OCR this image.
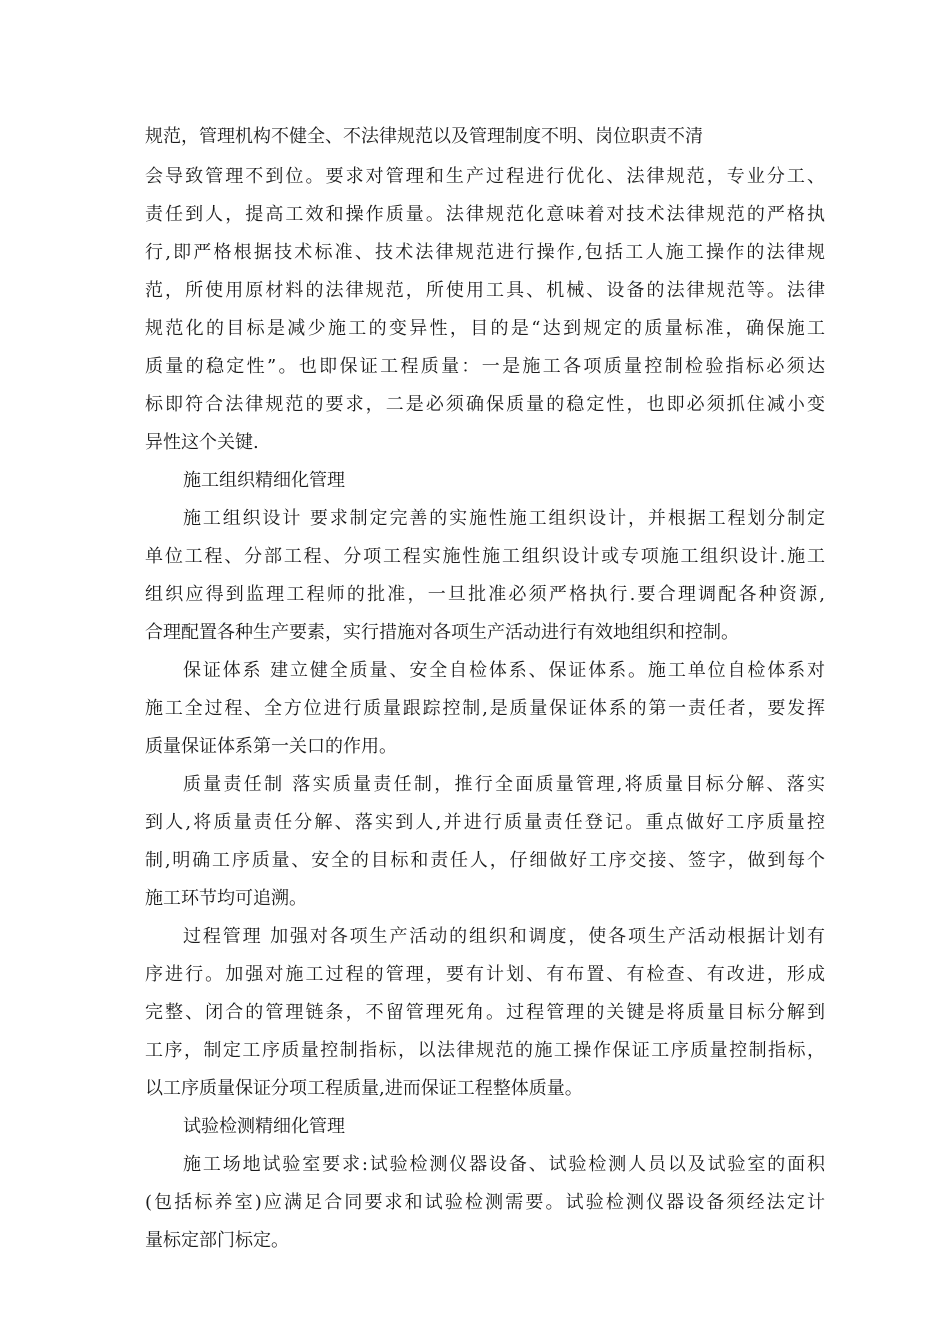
规范，管理机构不健全、不法律规范以及管理制度不明、岗位职责不清
会导致管理不到位。要求对管理和生产过程进行优化、法律规范，专业分工、
责任到人，提高工效和操作质量。法律规范化意味着对技术法律规范的严格执
行,即严格根据技术标准、技术法律规范进行操作,包括工人施工操作的法律规
范，所使用原材料的法律规范，所使用工具、机械、设备的法律规范等。法律
规范化的目标是减少施工的变异性，目的是“达到规定的质量标准，确保施工
质量的稳定性”。也即保证工程质量：一是施工各项质量控制检验指标必须达
标即符合法律规范的要求，二是必须确保质量的稳定性，也即必须抓住减小变
异性这个关键.
施工组织精细化管理
施工组织设计 要求制定完善的实施性施工组织设计，并根据工程划分制定
单位工程、分部工程、分项工程实施性施工组织设计或专项施工组织设计.施工
组织应得到监理工程师的批准，一旦批准必须严格执行.要合理调配各种资源,
合理配置各种生产要素，实行措施对各项生产活动进行有效地组织和控制。
保证体系 建立健全质量、安全自检体系、保证体系。施工单位自检体系对
施工全过程、全方位进行质量跟踪控制,是质量保证体系的第一责任者，要发挥
质量保证体系第一关口的作用。
质量责任制 落实质量责任制，推行全面质量管理,将质量目标分解、落实
到人,将质量责任分解、落实到人,并进行质量责任登记。重点做好工序质量控
制,明确工序质量、安全的目标和责任人，仔细做好工序交接、签字，做到每个
施工环节均可追溯。
过程管理 加强对各项生产活动的组织和调度，使各项生产活动根据计划有
序进行。加强对施工过程的管理，要有计划、有布置、有检查、有改进，形成
完整、闭合的管理链条，不留管理死角。过程管理的关键是将质量目标分解到
工序，制定工序质量控制指标，以法律规范的施工操作保证工序质量控制指标，
以工序质量保证分项工程质量,进而保证工程整体质量。
试验检测精细化管理
施工场地试验室要求:试验检测仪器设备、试验检测人员以及试验室的面积
(包括标养室)应满足合同要求和试验检测需要。试验检测仪器设备须经法定计
量标定部门标定。
